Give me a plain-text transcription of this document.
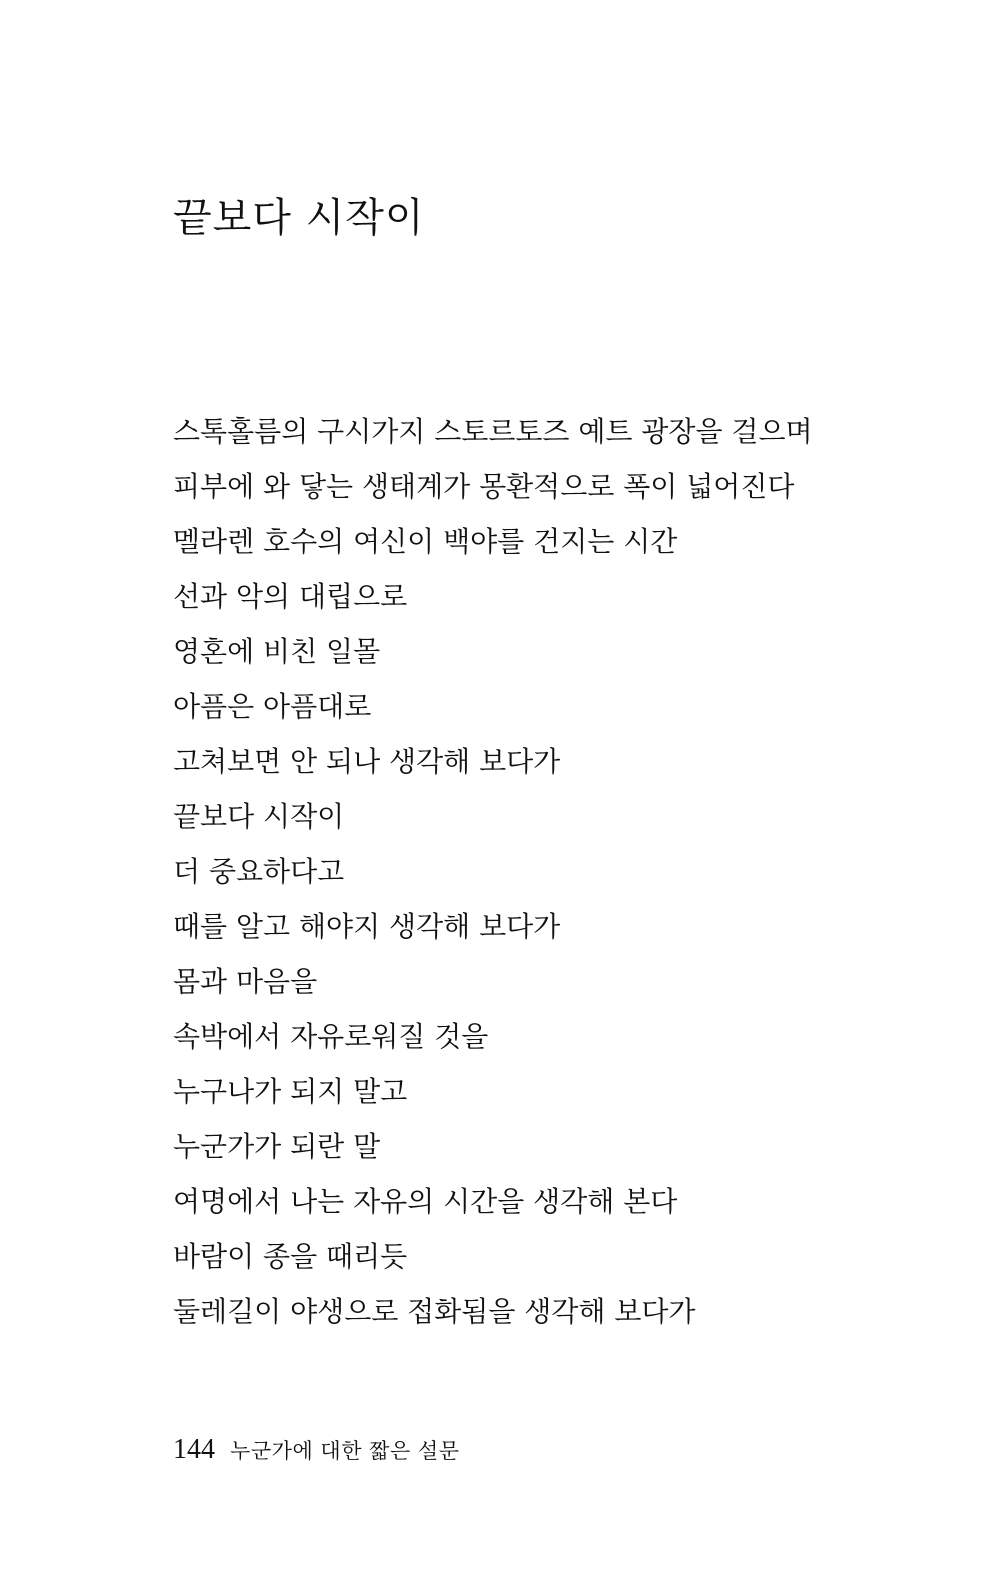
끝보다 시작이
스톡홀름의 구시가지 스토르토즈 예트 광장을 걸으며
피부에 와 닿는 생태계가 몽환적으로 폭이 넓어진다
멜라렌 호수의 여신이 백야를 건지는 시간
선과 악의 대립으로
영혼에 비친 일몰
아픔은 아픔대로
고쳐보면 안 되나 생각해 보다가
끝보다 시작이
더 중요하다고
때를 알고 해야지 생각해 보다가
몸과 마음을
속박에서 자유로워질 것을
누구나가 되지 말고
누군가가 되란 말
여명에서 나는 자유의 시간을 생각해 본다
바람이 종을 때리듯
둘레길이 야생으로 접화됨을 생각해 보다가
144 누군가에 대한 짧은 설문
